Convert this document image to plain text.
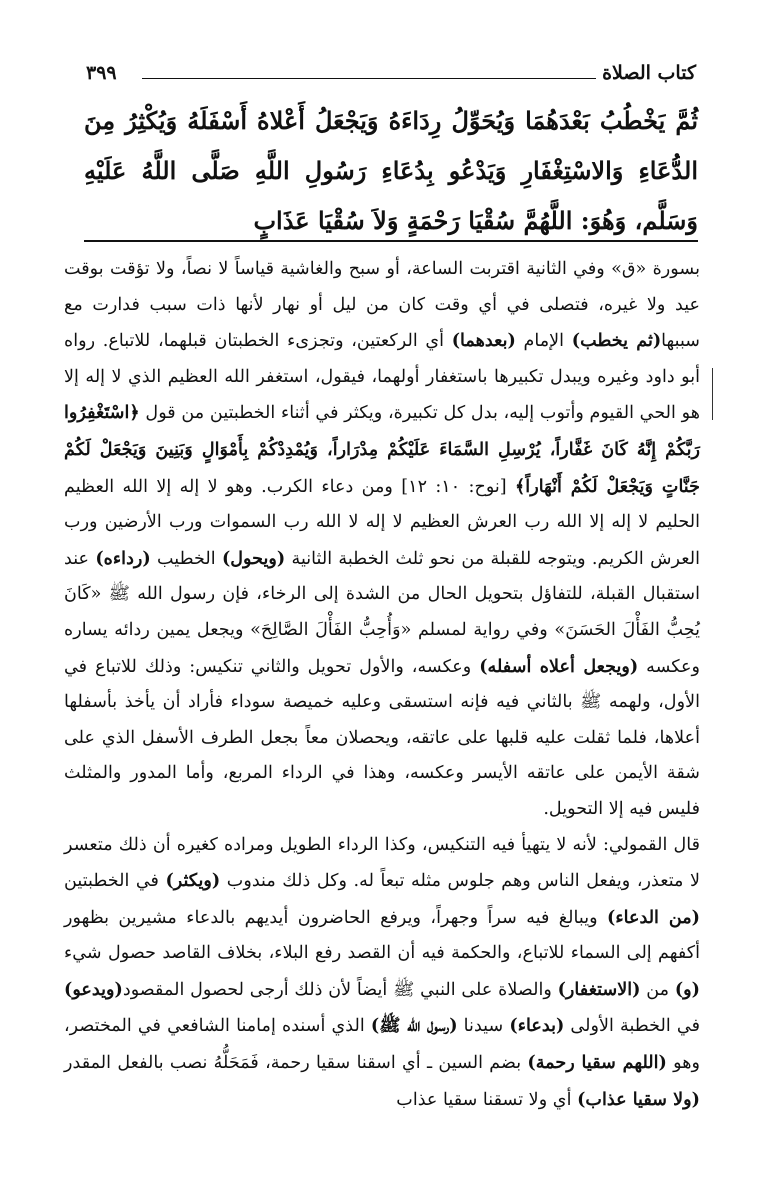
كتاب الصلاة
٣٩٩
ثُمَّ يَخْطُبُ بَعْدَهُمَا وَيُحَوِّلُ رِدَاءَهُ وَيَجْعَلُ أَعْلاهُ أَسْفَلَهُ وَيُكْثِرُ مِنَ الدُّعَاءِ وَالاسْتِغْفَارِ وَيَدْعُو بِدُعَاءِ رَسُولِ اللَّهِ صَلَّى اللَّهُ عَلَيْهِ وَسَلَّم، وَهُوَ: اللَّهُمَّ سُقْيَا رَحْمَةٍ وَلاَ سُقْيَا عَذَابٍ

بسورة «ق» وفي الثانية اقتربت الساعة، أو سبح والغاشية قياساً لا نصاً، ولا تؤقت بوقت عيد ولا غيره، فتصلى في أي وقت كان من ليل أو نهار لأنها ذات سبب فدارت مع سببها(ثم يخطب) الإمام (بعدهما) أي الركعتين، وتجزىء الخطبتان قبلهما، للاتباع. رواه أبو داود وغيره ويبدل تكبيرها باستغفار أولهما، فيقول، استغفر الله العظيم الذي لا إله إلا هو الحي القيوم وأتوب إليه، بدل كل تكبيرة، ويكثر في أثناء الخطبتين من قول ﴿اسْتَغْفِرُوا رَبَّكُمْ إِنَّهُ كَانَ غَفَّاراً، يُرْسِلِ السَّمَاءَ عَلَيْكُمْ مِدْرَاراً، وَيُمْدِدْكُمْ بِأَمْوَالٍ وَبَنِينَ وَيَجْعَلْ لَكُمْ جَنَّاتٍ وَيَجْعَلْ لَكُمْ أَنْهَاراً﴾ [نوح: ١٠: ١٢] ومن دعاء الكرب. وهو لا إله إلا الله العظيم الحليم لا إله إلا الله رب العرش العظيم لا إله لا الله رب السموات ورب الأرضين ورب العرش الكريم. ويتوجه للقبلة من نحو ثلث الخطبة الثانية (ويحول) الخطيب (رداءه) عند استقبال القبلة، للتفاؤل بتحويل الحال من الشدة إلى الرخاء، فإن رسول الله ﷺ «كَانَ يُحِبُّ الفَأْلَ الحَسَنَ» وفي رواية لمسلم «وَأُحِبُّ الفَأْلَ الصَّالِحَ» ويجعل يمين ردائه يساره وعكسه (ويجعل أعلاه أسفله) وعكسه، والأول تحويل والثاني تنكيس: وذلك للاتباع في الأول، ولهمه ﷺ بالثاني فيه فإنه استسقى وعليه خميصة سوداء فأراد أن يأخذ بأسفلها أعلاها، فلما ثقلت عليه قلبها على عاتقه، ويحصلان معاً بجعل الطرف الأسفل الذي على شقة الأيمن على عاتقه الأيسر وعكسه، وهذا في الرداء المربع، وأما المدور والمثلث فليس فيه إلا التحويل.

قال القمولي: لأنه لا يتهيأ فيه التنكيس، وكذا الرداء الطويل ومراده كغيره أن ذلك متعسر لا متعذر، ويفعل الناس وهم جلوس مثله تبعاً له. وكل ذلك مندوب (ويكثر) في الخطبتين (من الدعاء) ويبالغ فيه سراً وجهراً، ويرفع الحاضرون أيديهم بالدعاء مشيرين بظهور أكفهم إلى السماء للاتباع، والحكمة فيه أن القصد رفع البلاء، بخلاف القاصد حصول شيء (و) من (الاستغفار) والصلاة على النبي ﷺ أيضاً لأن ذلك أرجى لحصول المقصود(ويدعو) في الخطبة الأولى (بدعاء) سيدنا (رسول الله ﷺ) الذي أسنده إمامنا الشافعي في المختصر، وهو (اللهم سقيا رحمة) بضم السين ـ أي اسقنا سقيا رحمة، فَمَحَلُّهُ نصب بالفعل المقدر (ولا سقيا عذاب) أي ولا تسقنا سقيا عذاب
